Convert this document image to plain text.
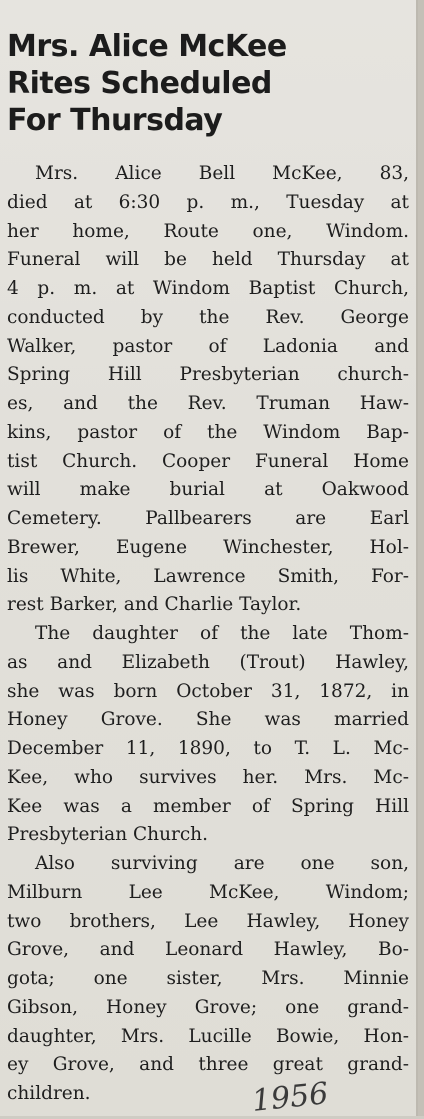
Mrs. Alice McKee
Rites Scheduled
For Thursday
Mrs. Alice Bell McKee, 83,
died at 6:30 p. m., Tuesday at
her home, Route one, Windom.
Funeral will be held Thursday at
4 p. m. at Windom Baptist Church,
conducted by the Rev. George
Walker, pastor of Ladonia and
Spring Hill Presbyterian church-
es, and the Rev. Truman Haw-
kins, pastor of the Windom Bap-
tist Church. Cooper Funeral Home
will make burial at Oakwood
Cemetery. Pallbearers are Earl
Brewer, Eugene Winchester, Hol-
lis White, Lawrence Smith, For-
rest Barker, and Charlie Taylor.
The daughter of the late Thom-
as and Elizabeth (Trout) Hawley,
she was born October 31, 1872, in
Honey Grove. She was married
December 11, 1890, to T. L. Mc-
Kee, who survives her. Mrs. Mc-
Kee was a member of Spring Hill
Presbyterian Church.
Also surviving are one son,
Milburn Lee McKee, Windom;
two brothers, Lee Hawley, Honey
Grove, and Leonard Hawley, Bo-
gota; one sister, Mrs. Minnie
Gibson, Honey Grove; one grand-
daughter, Mrs. Lucille Bowie, Hon-
ey Grove, and three great grand-
children.	1956
